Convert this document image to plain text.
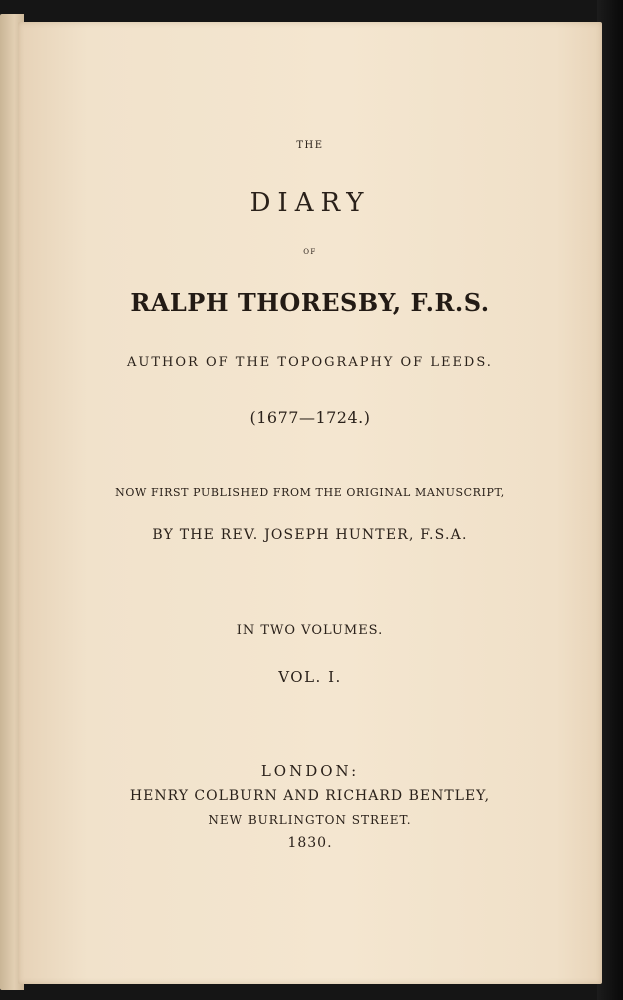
THE

DIARY

OF

RALPH THORESBY, F.R.S.

AUTHOR OF THE TOPOGRAPHY OF LEEDS.

(1677—1724.)

NOW FIRST PUBLISHED FROM THE ORIGINAL MANUSCRIPT,

BY THE REV. JOSEPH HUNTER, F.S.A.

IN TWO VOLUMES.

VOL. I.

LONDON:

HENRY COLBURN AND RICHARD BENTLEY,

NEW BURLINGTON STREET.

1830.
